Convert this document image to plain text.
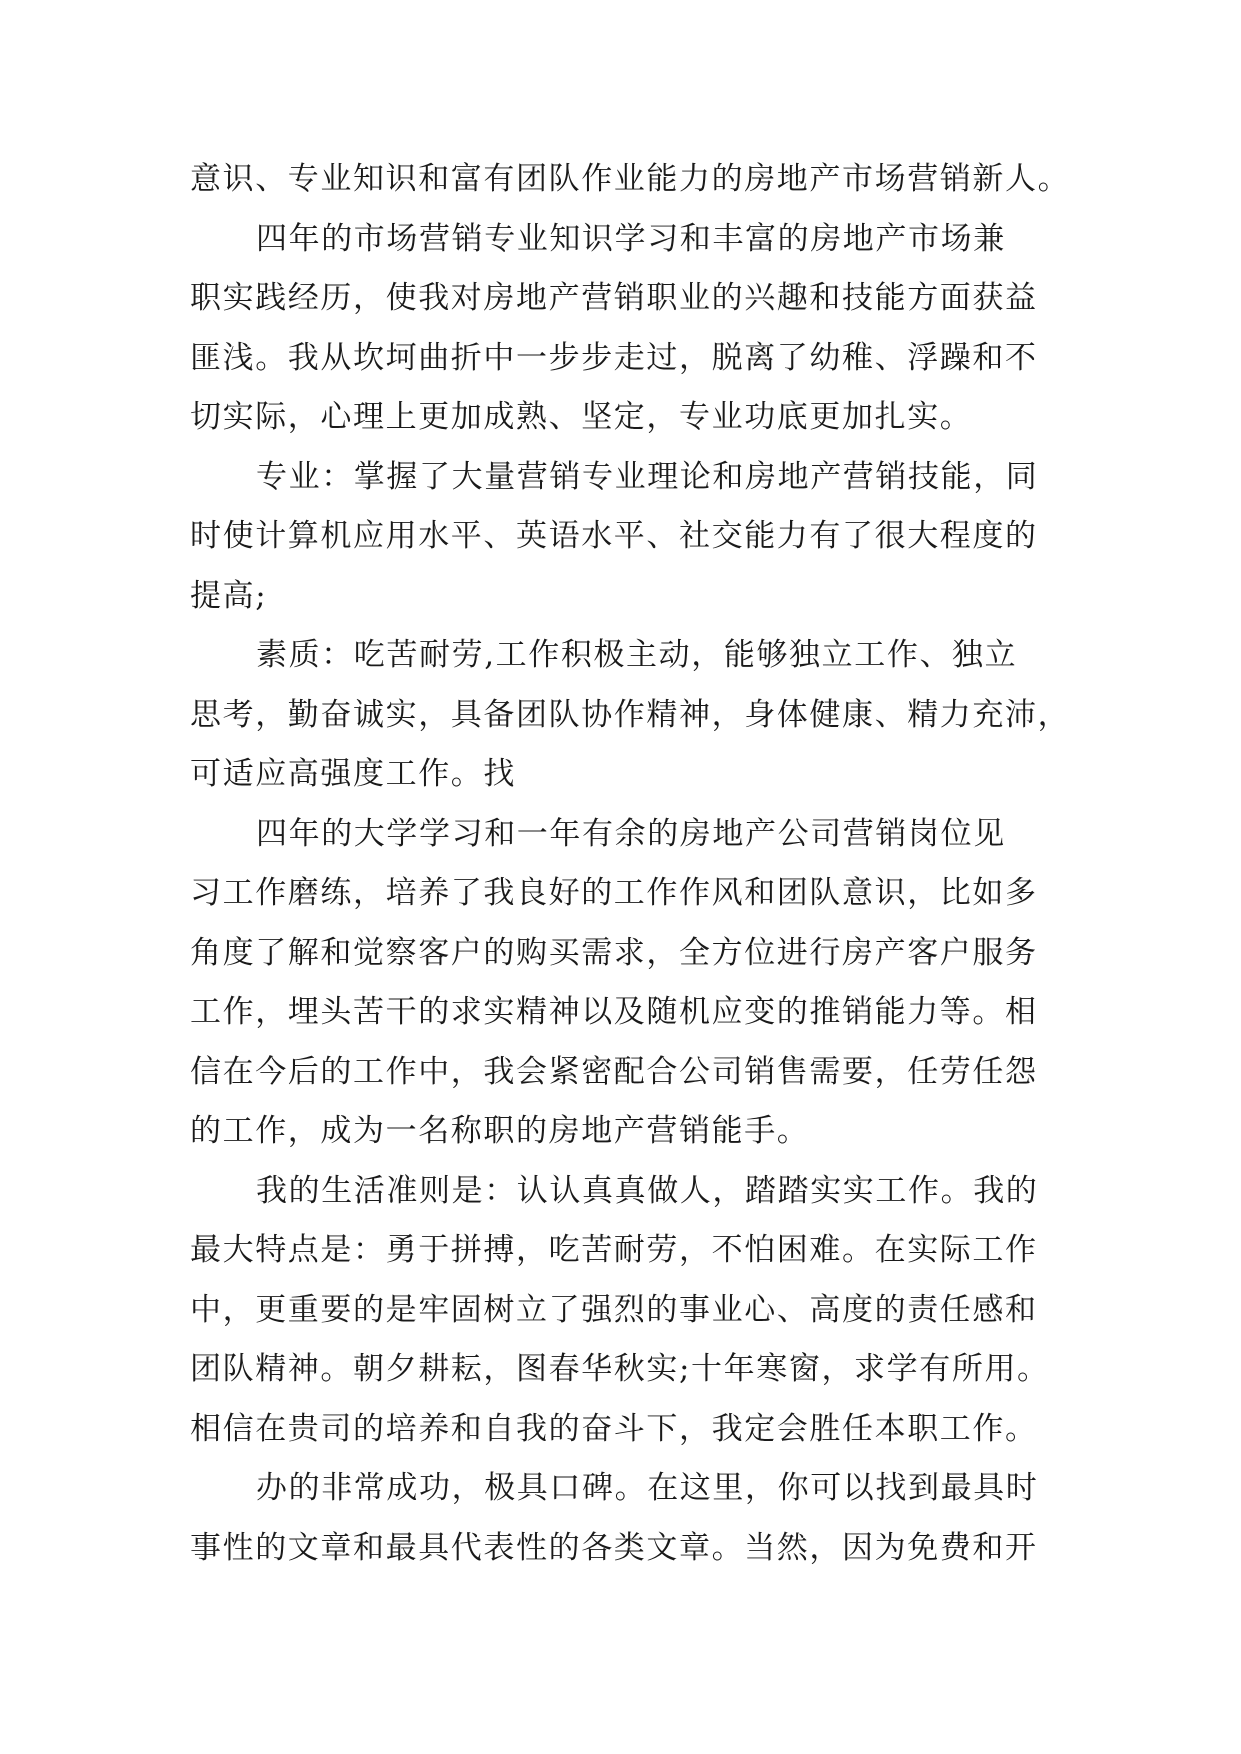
意识、专业知识和富有团队作业能力的房地产市场营销新人。
四年的市场营销专业知识学习和丰富的房地产市场兼
职实践经历，使我对房地产营销职业的兴趣和技能方面获益
匪浅。我从坎坷曲折中一步步走过，脱离了幼稚、浮躁和不
切实际，心理上更加成熟、坚定，专业功底更加扎实。
专业：掌握了大量营销专业理论和房地产营销技能，同
时使计算机应用水平、英语水平、社交能力有了很大程度的
提高;
素质：吃苦耐劳,工作积极主动，能够独立工作、独立
思考，勤奋诚实，具备团队协作精神，身体健康、精力充沛，
可适应高强度工作。找
四年的大学学习和一年有余的房地产公司营销岗位见
习工作磨练，培养了我良好的工作作风和团队意识，比如多
角度了解和觉察客户的购买需求，全方位进行房产客户服务
工作，埋头苦干的求实精神以及随机应变的推销能力等。相
信在今后的工作中，我会紧密配合公司销售需要，任劳任怨
的工作，成为一名称职的房地产营销能手。
我的生活准则是：认认真真做人，踏踏实实工作。我的
最大特点是：勇于拼搏，吃苦耐劳，不怕困难。在实际工作
中，更重要的是牢固树立了强烈的事业心、高度的责任感和
团队精神。朝夕耕耘，图春华秋实;十年寒窗，求学有所用。
相信在贵司的培养和自我的奋斗下，我定会胜任本职工作。
办的非常成功，极具口碑。在这里，你可以找到最具时
事性的文章和最具代表性的各类文章。当然，因为免费和开
